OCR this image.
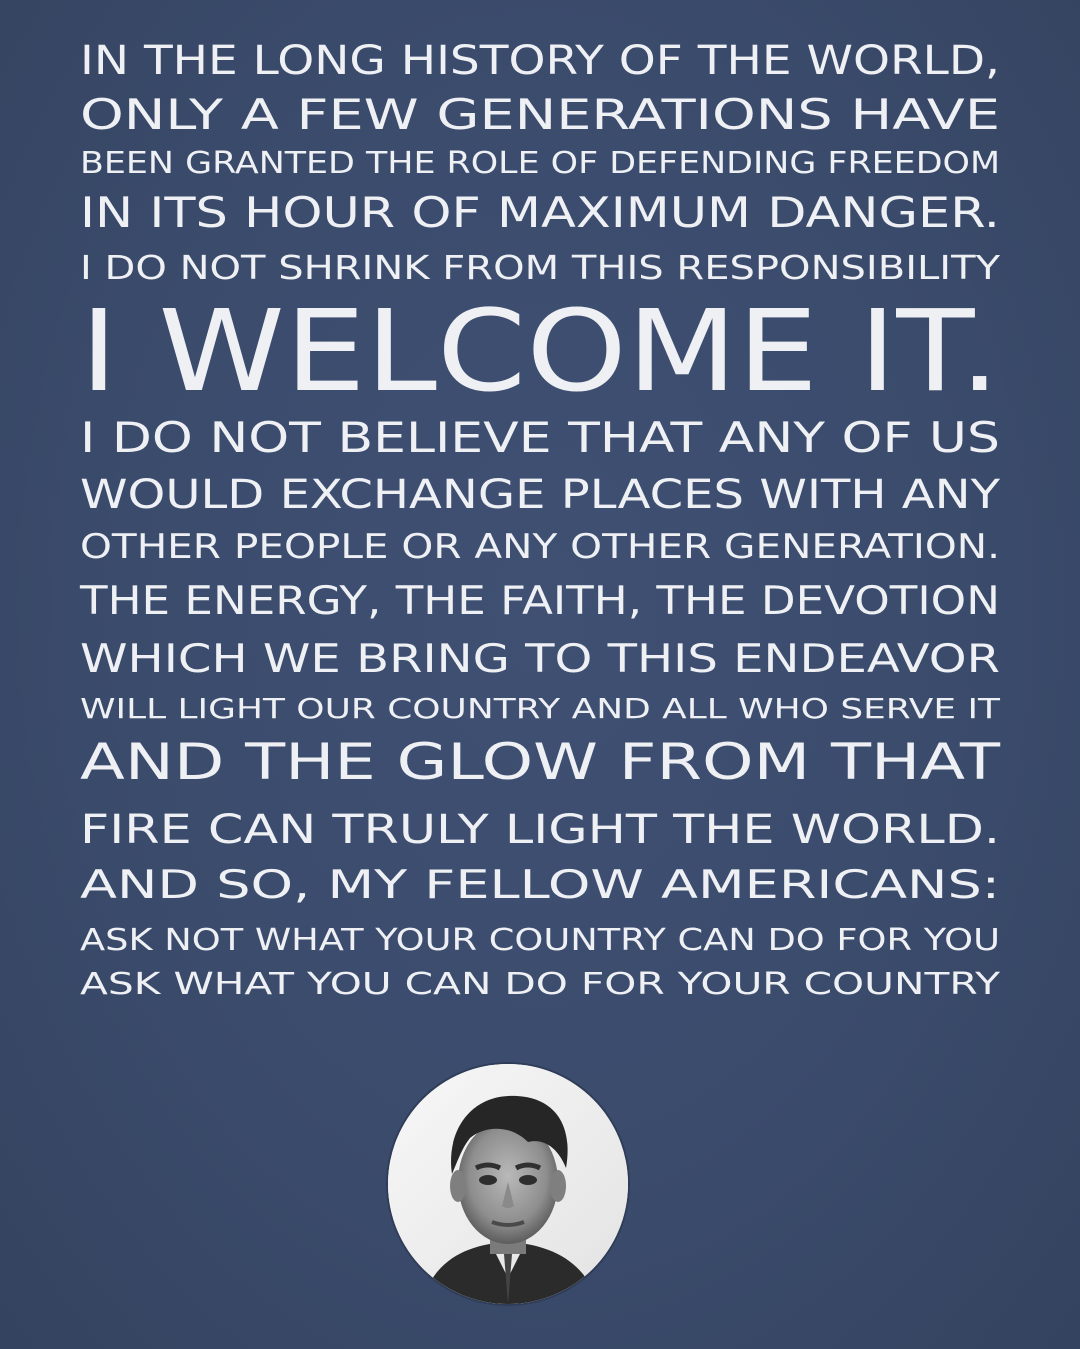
IN THE LONG HISTORY OF THE WORLD,
ONLY A FEW GENERATIONS HAVE
BEEN GRANTED THE ROLE OF DEFENDING FREEDOM
IN ITS HOUR OF MAXIMUM DANGER.
I DO NOT SHRINK FROM THIS RESPONSIBILITY
I WELCOME IT.
I DO NOT BELIEVE THAT ANY OF US
WOULD EXCHANGE PLACES WITH ANY
OTHER PEOPLE OR ANY OTHER GENERATION.
THE ENERGY, THE FAITH, THE DEVOTION
WHICH WE BRING TO THIS ENDEAVOR
WILL LIGHT OUR COUNTRY AND ALL WHO SERVE IT
AND THE GLOW FROM THAT
FIRE CAN TRULY LIGHT THE WORLD.
AND SO, MY FELLOW AMERICANS:
ASK NOT WHAT YOUR COUNTRY CAN DO FOR YOU
ASK WHAT YOU CAN DO FOR YOUR COUNTRY
